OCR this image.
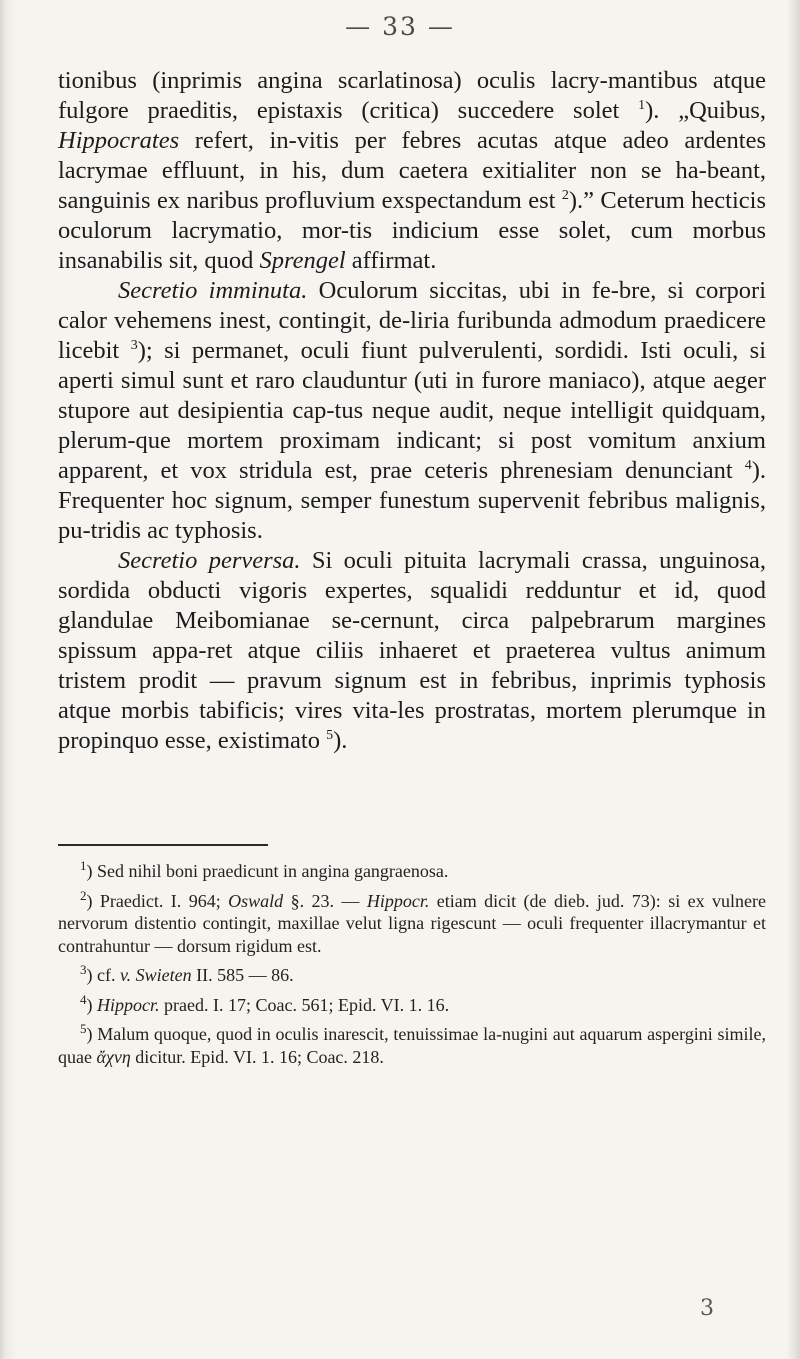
— 33 —

tionibus (inprimis angina scarlatinosa) oculis lacry-mantibus atque fulgore praeditis, epistaxis (critica) succedere solet $^1$). „Quibus, Hippocrates refert, in-vitis per febres acutas atque adeo ardentes lacrymae effluunt, in his, dum caetera exitialiter non se ha-beant, sanguinis ex naribus profluvium exspectandum est $^2$).” Ceterum hecticis oculorum lacrymatio, mor-tis indicium esse solet, cum morbus insanabilis sit, quod Sprengel affirmat.

Secretio imminuta. Oculorum siccitas, ubi in fe-bre, si corpori calor vehemens inest, contingit, de-liria furibunda admodum praedicere licebit $^3$); si permanet, oculi fiunt pulverulenti, sordidi. Isti oculi, si aperti simul sunt et raro clauduntur (uti in furore maniaco), atque aeger stupore aut desipientia cap-tus neque audit, neque intelligit quidquam, plerum-que mortem proximam indicant; si post vomitum anxium apparent, et vox stridula est, prae ceteris phrenesiam denunciant $^4$). Frequenter hoc signum, semper funestum supervenit febribus malignis, pu-tridis ac typhosis.

Secretio perversa. Si oculi pituita lacrymali crassa, unguinosa, sordida obducti vigoris expertes, squalidi redduntur et id, quod glandulae Meibomianae se-cernunt, circa palpebrarum margines spissum appa-ret atque ciliis inhaeret et praeterea vultus animum tristem prodit — pravum signum est in febribus, inprimis typhosis atque morbis tabificis; vires vita-les prostratas, mortem plerumque in propinquo esse, existimato $^5$).

$^1$) Sed nihil boni praedicunt in angina gangraenosa.

$^2$) Praedict. I. 964; Oswald §. 23. — Hippocr. etiam dicit (de dieb. jud. 73): si ex vulnere nervorum distentio contingit, maxillae velut ligna rigescunt — oculi frequenter illacrymantur et contrahuntur — dorsum rigidum est.

$^3$) cf. v. Swieten II. 585 — 86.

$^4$) Hippocr. praed. I. 17; Coac. 561; Epid. VI. 1. 16.

$^5$) Malum quoque, quod in oculis inarescit, tenuissimae la-nugini aut aquarum aspergini simile, quae ἄχνη dicitur. Epid. VI. 1. 16; Coac. 218.

3
